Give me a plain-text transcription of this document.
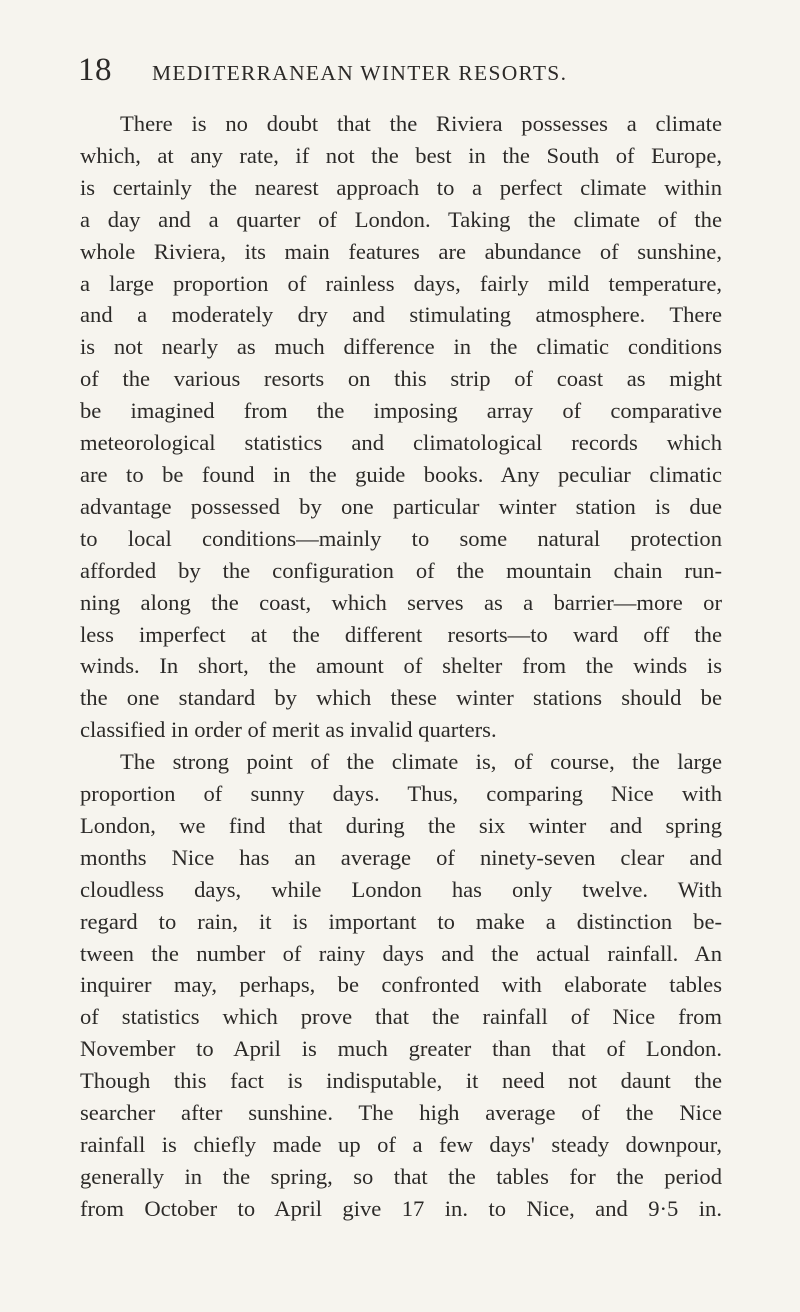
18 MEDITERRANEAN WINTER RESORTS.
There is no doubt that the Riviera possesses a climate
which, at any rate, if not the best in the South of Europe,
is certainly the nearest approach to a perfect climate within
a day and a quarter of London. Taking the climate of the
whole Riviera, its main features are abundance of sunshine,
a large proportion of rainless days, fairly mild temperature,
and a moderately dry and stimulating atmosphere. There
is not nearly as much difference in the climatic conditions
of the various resorts on this strip of coast as might
be imagined from the imposing array of comparative
meteorological statistics and climatological records which
are to be found in the guide books. Any peculiar climatic
advantage possessed by one particular winter station is due
to local conditions—mainly to some natural protection
afforded by the configuration of the mountain chain run-
ning along the coast, which serves as a barrier—more or
less imperfect at the different resorts—to ward off the
winds. In short, the amount of shelter from the winds is
the one standard by which these winter stations should be
classified in order of merit as invalid quarters.
The strong point of the climate is, of course, the large
proportion of sunny days. Thus, comparing Nice with
London, we find that during the six winter and spring
months Nice has an average of ninety-seven clear and
cloudless days, while London has only twelve. With
regard to rain, it is important to make a distinction be-
tween the number of rainy days and the actual rainfall. An
inquirer may, perhaps, be confronted with elaborate tables
of statistics which prove that the rainfall of Nice from
November to April is much greater than that of London.
Though this fact is indisputable, it need not daunt the
searcher after sunshine. The high average of the Nice
rainfall is chiefly made up of a few days' steady downpour,
generally in the spring, so that the tables for the period
from October to April give 17 in. to Nice, and 9·5 in.
